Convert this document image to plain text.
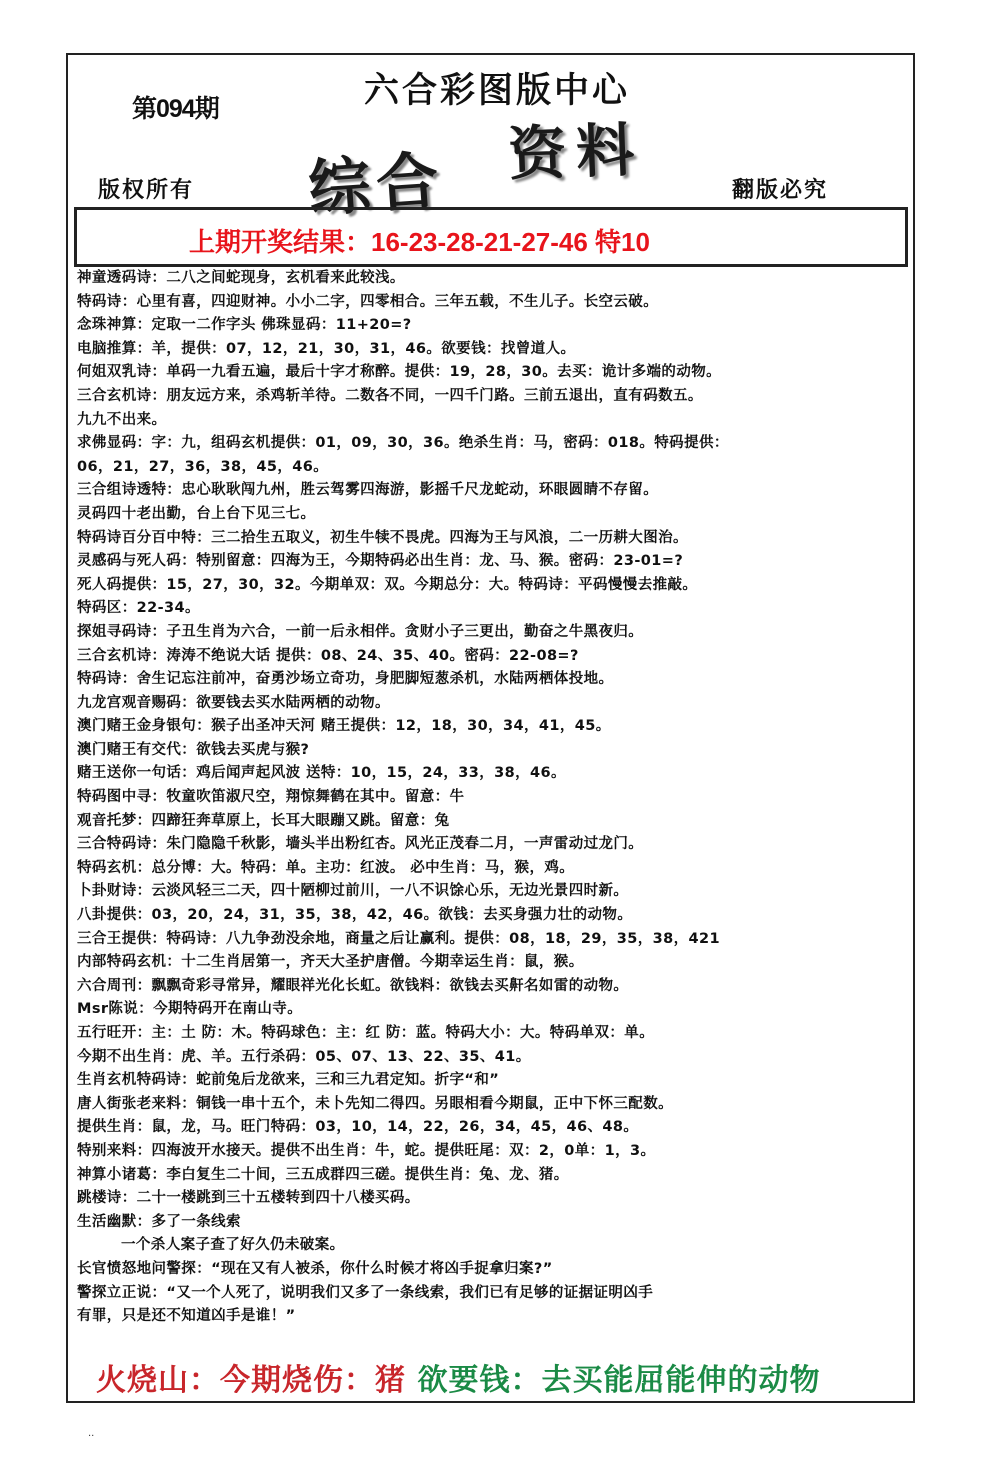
第094期	六合彩图版中心
综合 资料
版权所有	翻版必究
上期开奖结果：16-23-28-21-27-46 特10
神童透码诗：二八之间蛇现身，玄机看来此较浅。
特码诗：心里有喜，四迎财神。小小二字，四零相合。三年五载，不生儿子。长空云破。
念珠神算：定取一二作字头 佛珠显码：11+20=?
电脑推算：羊，提供：07，12，21，30，31，46。欲要钱：找曾道人。
何姐双乳诗：单码一九看五遍，最后十字才称醉。提供：19，28，30。去买：诡计多端的动物。
三合玄机诗：朋友远方来，杀鸡斩羊待。二数各不同，一四千门路。三前五退出，直有码数五。
九九不出来。
求佛显码：字：九，组码玄机提供：01，09，30，36。绝杀生肖：马，密码：018。特码提供：
06，21，27，36，38，45，46。
三合组诗透特：忠心耿耿闯九州，胜云驾雾四海游，影摇千尺龙蛇动，环眼圆睛不存留。
灵码四十老出勤，台上台下见三七。
特码诗百分百中特：三二拾生五取义，初生牛犊不畏虎。四海为王与风浪，二一历耕大图治。
灵感码与死人码：特别留意：四海为王，今期特码必出生肖：龙、马、猴。密码：23-01=?
死人码提供：15，27，30，32。今期单双：双。今期总分：大。特码诗：平码慢慢去推敲。
特码区：22-34。
探姐寻码诗：子丑生肖为六合，一前一后永相伴。贪财小子三更出，勤奋之牛黑夜归。
三合玄机诗：涛涛不绝说大话 提供：08、24、35、40。密码：22-08=?
特码诗：舍生记忘注前冲，奋勇沙场立奇功，身肥脚短葱杀机，水陆两栖体投地。
九龙宫观音赐码：欲要钱去买水陆两栖的动物。
澳门赌王金身银句：猴子出圣冲天河 赌王提供：12，18，30，34，41，45。
澳门赌王有交代：欲钱去买虎与猴?
赌王送你一句话：鸡后闻声起风波 送特：10，15，24，33，38，46。
特码图中寻：牧童吹笛淑尺空，翔惊舞鹤在其中。留意：牛
观音托梦：四蹄狂奔草原上，长耳大眼蹦又跳。留意：兔
三合特码诗：朱门隐隐千秋影，墙头半出粉红杏。风光正茂春二月，一声雷动过龙门。
特码玄机：总分博：大。特码：单。主功：红波。 必中生肖：马，猴，鸡。
卜卦财诗：云淡风轻三二天，四十陋柳过前川，一八不识馀心乐，无边光景四时新。
八卦提供：03，20，24，31，35，38，42，46。欲钱：去买身强力壮的动物。
三合王提供：特码诗：八九争劲没余地，商量之后让赢利。提供：08，18，29，35，38，421
内部特码玄机：十二生肖居第一，齐天大圣护唐僧。今期幸运生肖：鼠，猴。
六合周刊：飘飘奇彩寻常异，耀眼祥光化长虹。欲钱料：欲钱去买鼾名如雷的动物。
Msr陈说：今期特码开在南山寺。
五行旺开：主：土 防：木。特码球色：主：红 防：蓝。特码大小：大。特码单双：单。
今期不出生肖：虎、羊。五行杀码：05、07、13、22、35、41。
生肖玄机特码诗：蛇前兔后龙欲来，三和三九君定知。折字“和”
唐人街张老来料：铜钱一串十五个，未卜先知二得四。另眼相看今期鼠，正中下怀三配数。
提供生肖：鼠，龙，马。旺门特码：03，10，14，22，26，34，45，46、48。
特别来料：四海波开水接天。提供不出生肖：牛，蛇。提供旺尾：双：2，0单：1，3。
神算小诸葛：李白复生二十间，三五成群四三磋。提供生肖：兔、龙、猪。
跳楼诗：二十一楼跳到三十五楼转到四十八楼买码。
生活幽默：多了一条线索
一个杀人案子查了好久仍未破案。
长官愤怒地问警探：“现在又有人被杀，你什么时候才将凶手捉拿归案?”
警探立正说：“又一个人死了，说明我们又多了一条线索，我们已有足够的证据证明凶手
有罪，只是还不知道凶手是谁！”
火烧山：今期烧伤：猪 欲要钱：去买能屈能伸的动物
..
